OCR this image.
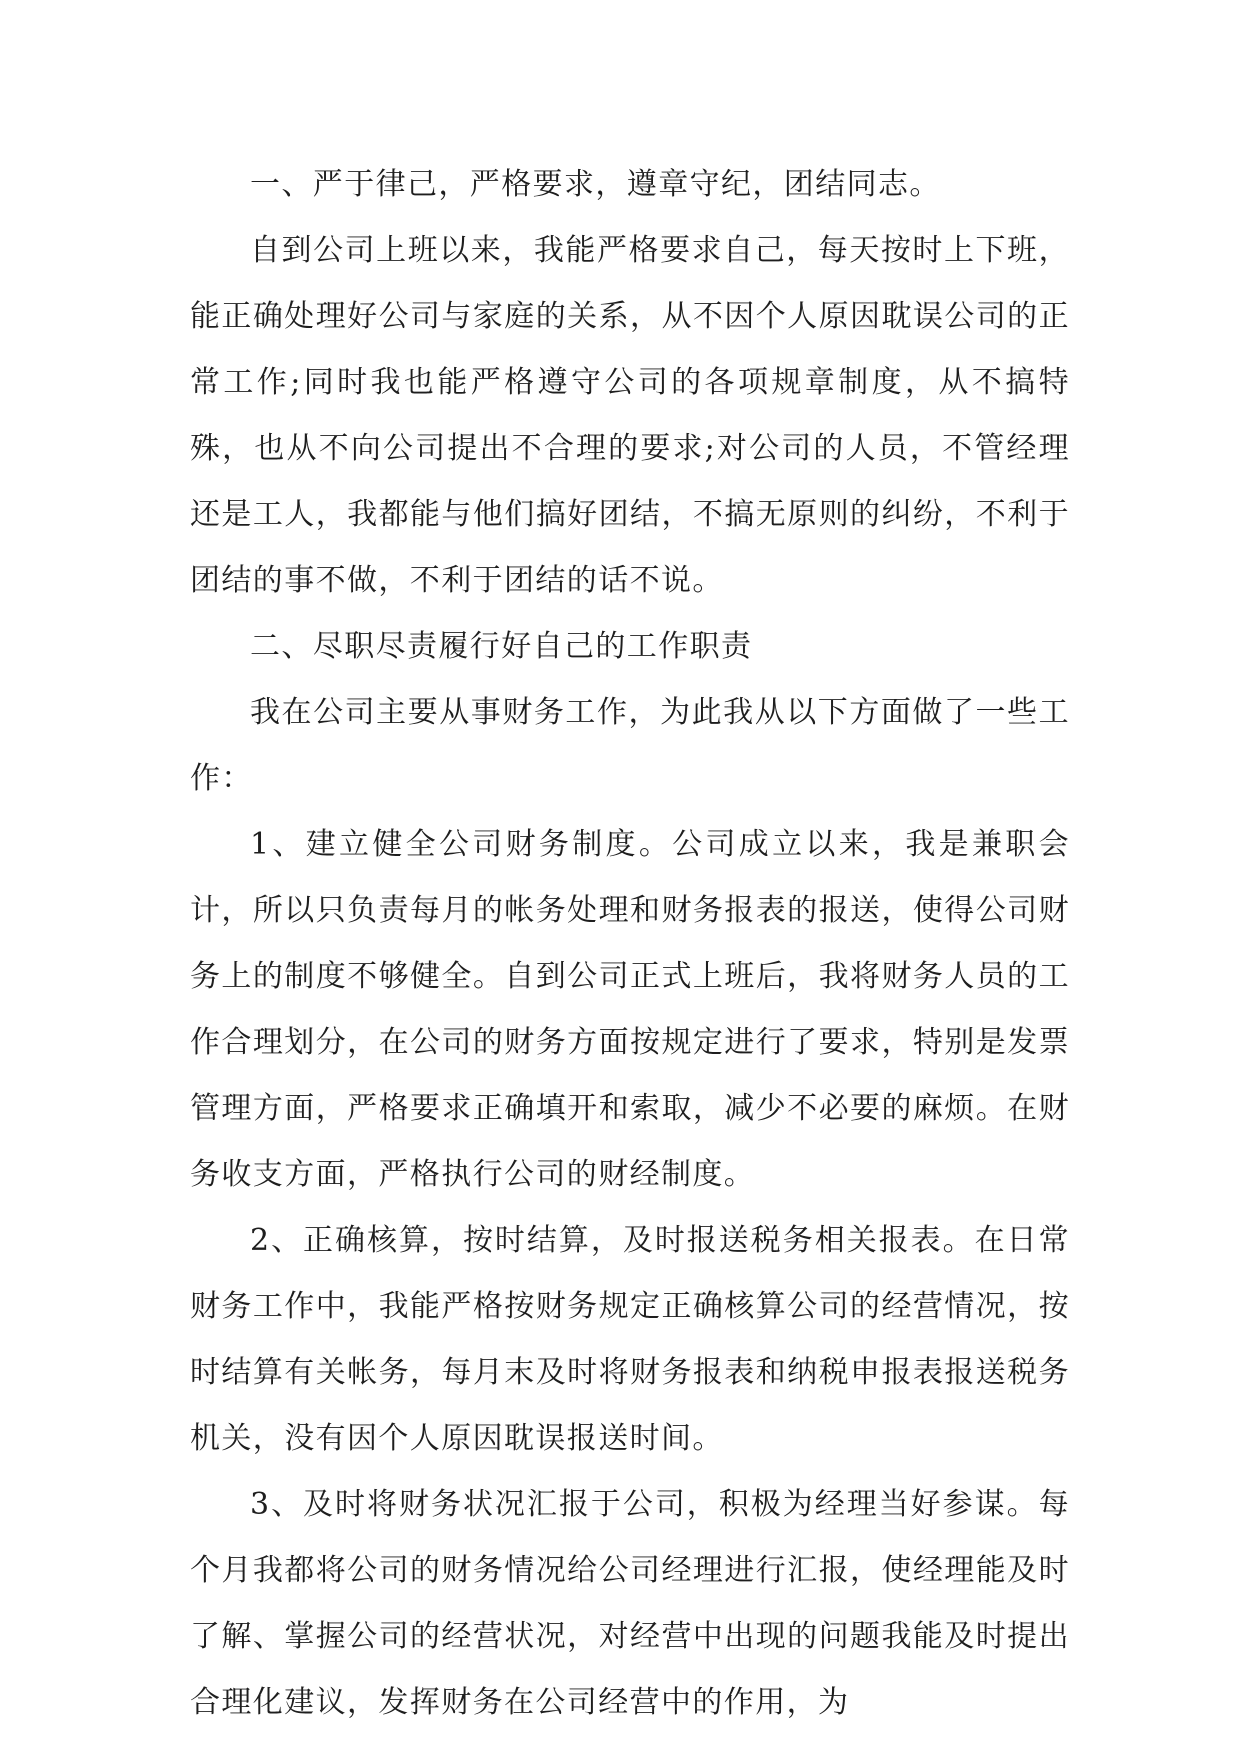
一、严于律己，严格要求，遵章守纪，团结同志。

自到公司上班以来，我能严格要求自己，每天按时上下班，能正确处理好公司与家庭的关系，从不因个人原因耽误公司的正常工作;同时我也能严格遵守公司的各项规章制度，从不搞特殊，也从不向公司提出不合理的要求;对公司的人员，不管经理还是工人，我都能与他们搞好团结，不搞无原则的纠纷，不利于团结的事不做，不利于团结的话不说。

二、尽职尽责履行好自己的工作职责

我在公司主要从事财务工作，为此我从以下方面做了一些工作：

1、建立健全公司财务制度。公司成立以来，我是兼职会计，所以只负责每月的帐务处理和财务报表的报送，使得公司财务上的制度不够健全。自到公司正式上班后，我将财务人员的工作合理划分，在公司的财务方面按规定进行了要求，特别是发票管理方面，严格要求正确填开和索取，减少不必要的麻烦。在财务收支方面，严格执行公司的财经制度。

2、正确核算，按时结算，及时报送税务相关报表。在日常财务工作中，我能严格按财务规定正确核算公司的经营情况，按时结算有关帐务，每月末及时将财务报表和纳税申报表报送税务机关，没有因个人原因耽误报送时间。

3、及时将财务状况汇报于公司，积极为经理当好参谋。每个月我都将公司的财务情况给公司经理进行汇报，使经理能及时了解、掌握公司的经营状况，对经营中出现的问题我能及时提出合理化建议，发挥财务在公司经营中的作用，为
